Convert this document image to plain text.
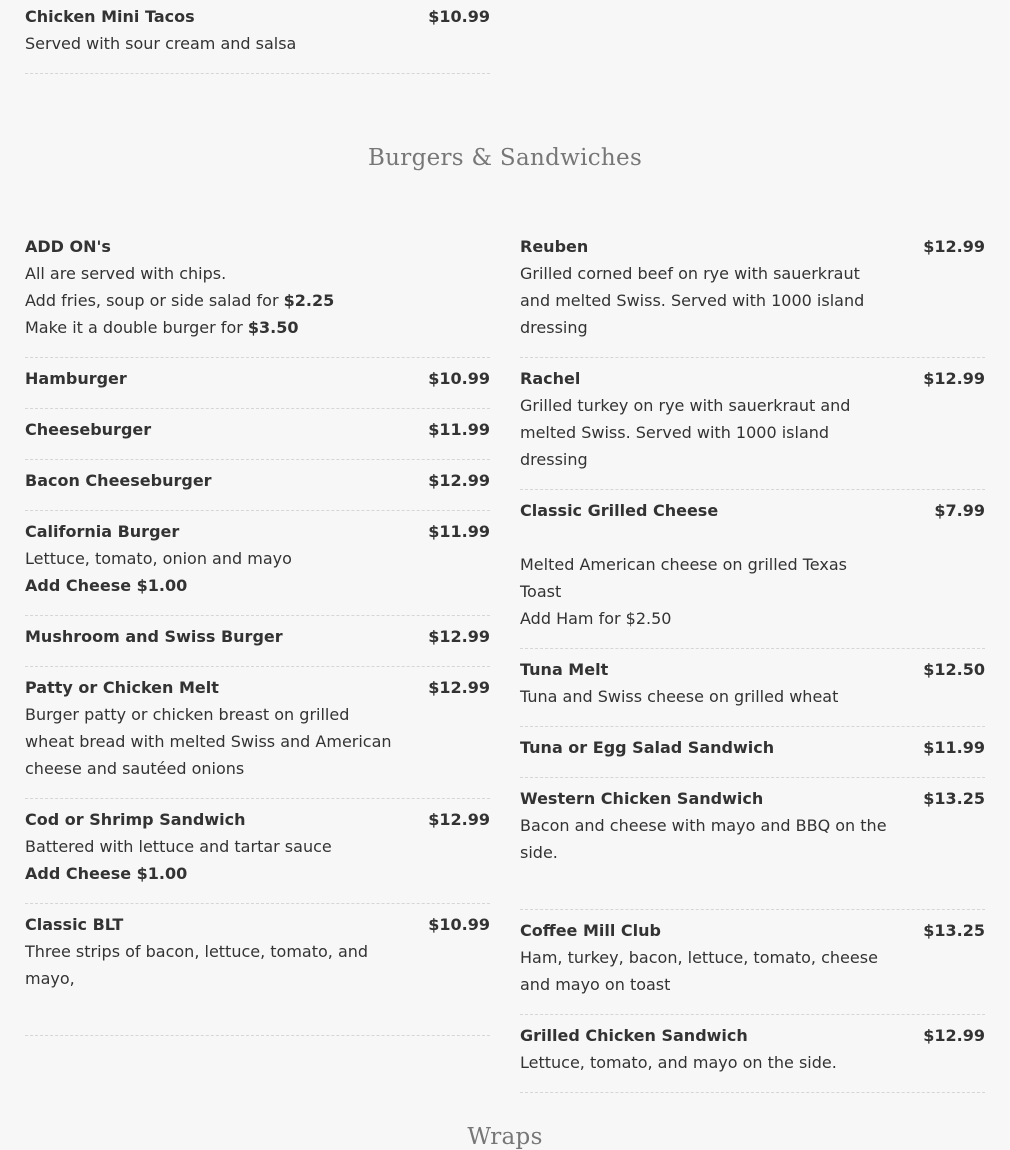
Chicken Mini Tacos	$10.99
Served with sour cream and salsa
Burgers & Sandwiches
ADD ON's
All are served with chips.
Add fries, soup or side salad for $2.25
Make it a double burger for $3.50
Hamburger	$10.99
Cheeseburger	$11.99
Bacon Cheeseburger	$12.99
California Burger	$11.99
Lettuce, tomato, onion and mayo
Add Cheese $1.00
Mushroom and Swiss Burger	$12.99
Patty or Chicken Melt	$12.99
Burger patty or chicken breast on grilled wheat bread with melted Swiss and American cheese and sautéed onions
Cod or Shrimp Sandwich	$12.99
Battered with lettuce and tartar sauce
Add Cheese $1.00
Classic BLT	$10.99
Three strips of bacon, lettuce, tomato, and mayo,
Reuben	$12.99
Grilled corned beef on rye with sauerkraut and melted Swiss. Served with 1000 island dressing
Rachel	$12.99
Grilled turkey on rye with sauerkraut and melted Swiss. Served with 1000 island dressing
Classic Grilled Cheese	$7.99
Melted American cheese on grilled Texas Toast
Add Ham for $2.50
Tuna Melt	$12.50
Tuna and Swiss cheese on grilled wheat
Tuna or Egg Salad Sandwich	$11.99
Western Chicken Sandwich	$13.25
Bacon and cheese with mayo and BBQ on the side.
Coffee Mill Club	$13.25
Ham, turkey, bacon, lettuce, tomato, cheese and mayo on toast
Grilled Chicken Sandwich	$12.99
Lettuce, tomato, and mayo on the side.
Wraps
